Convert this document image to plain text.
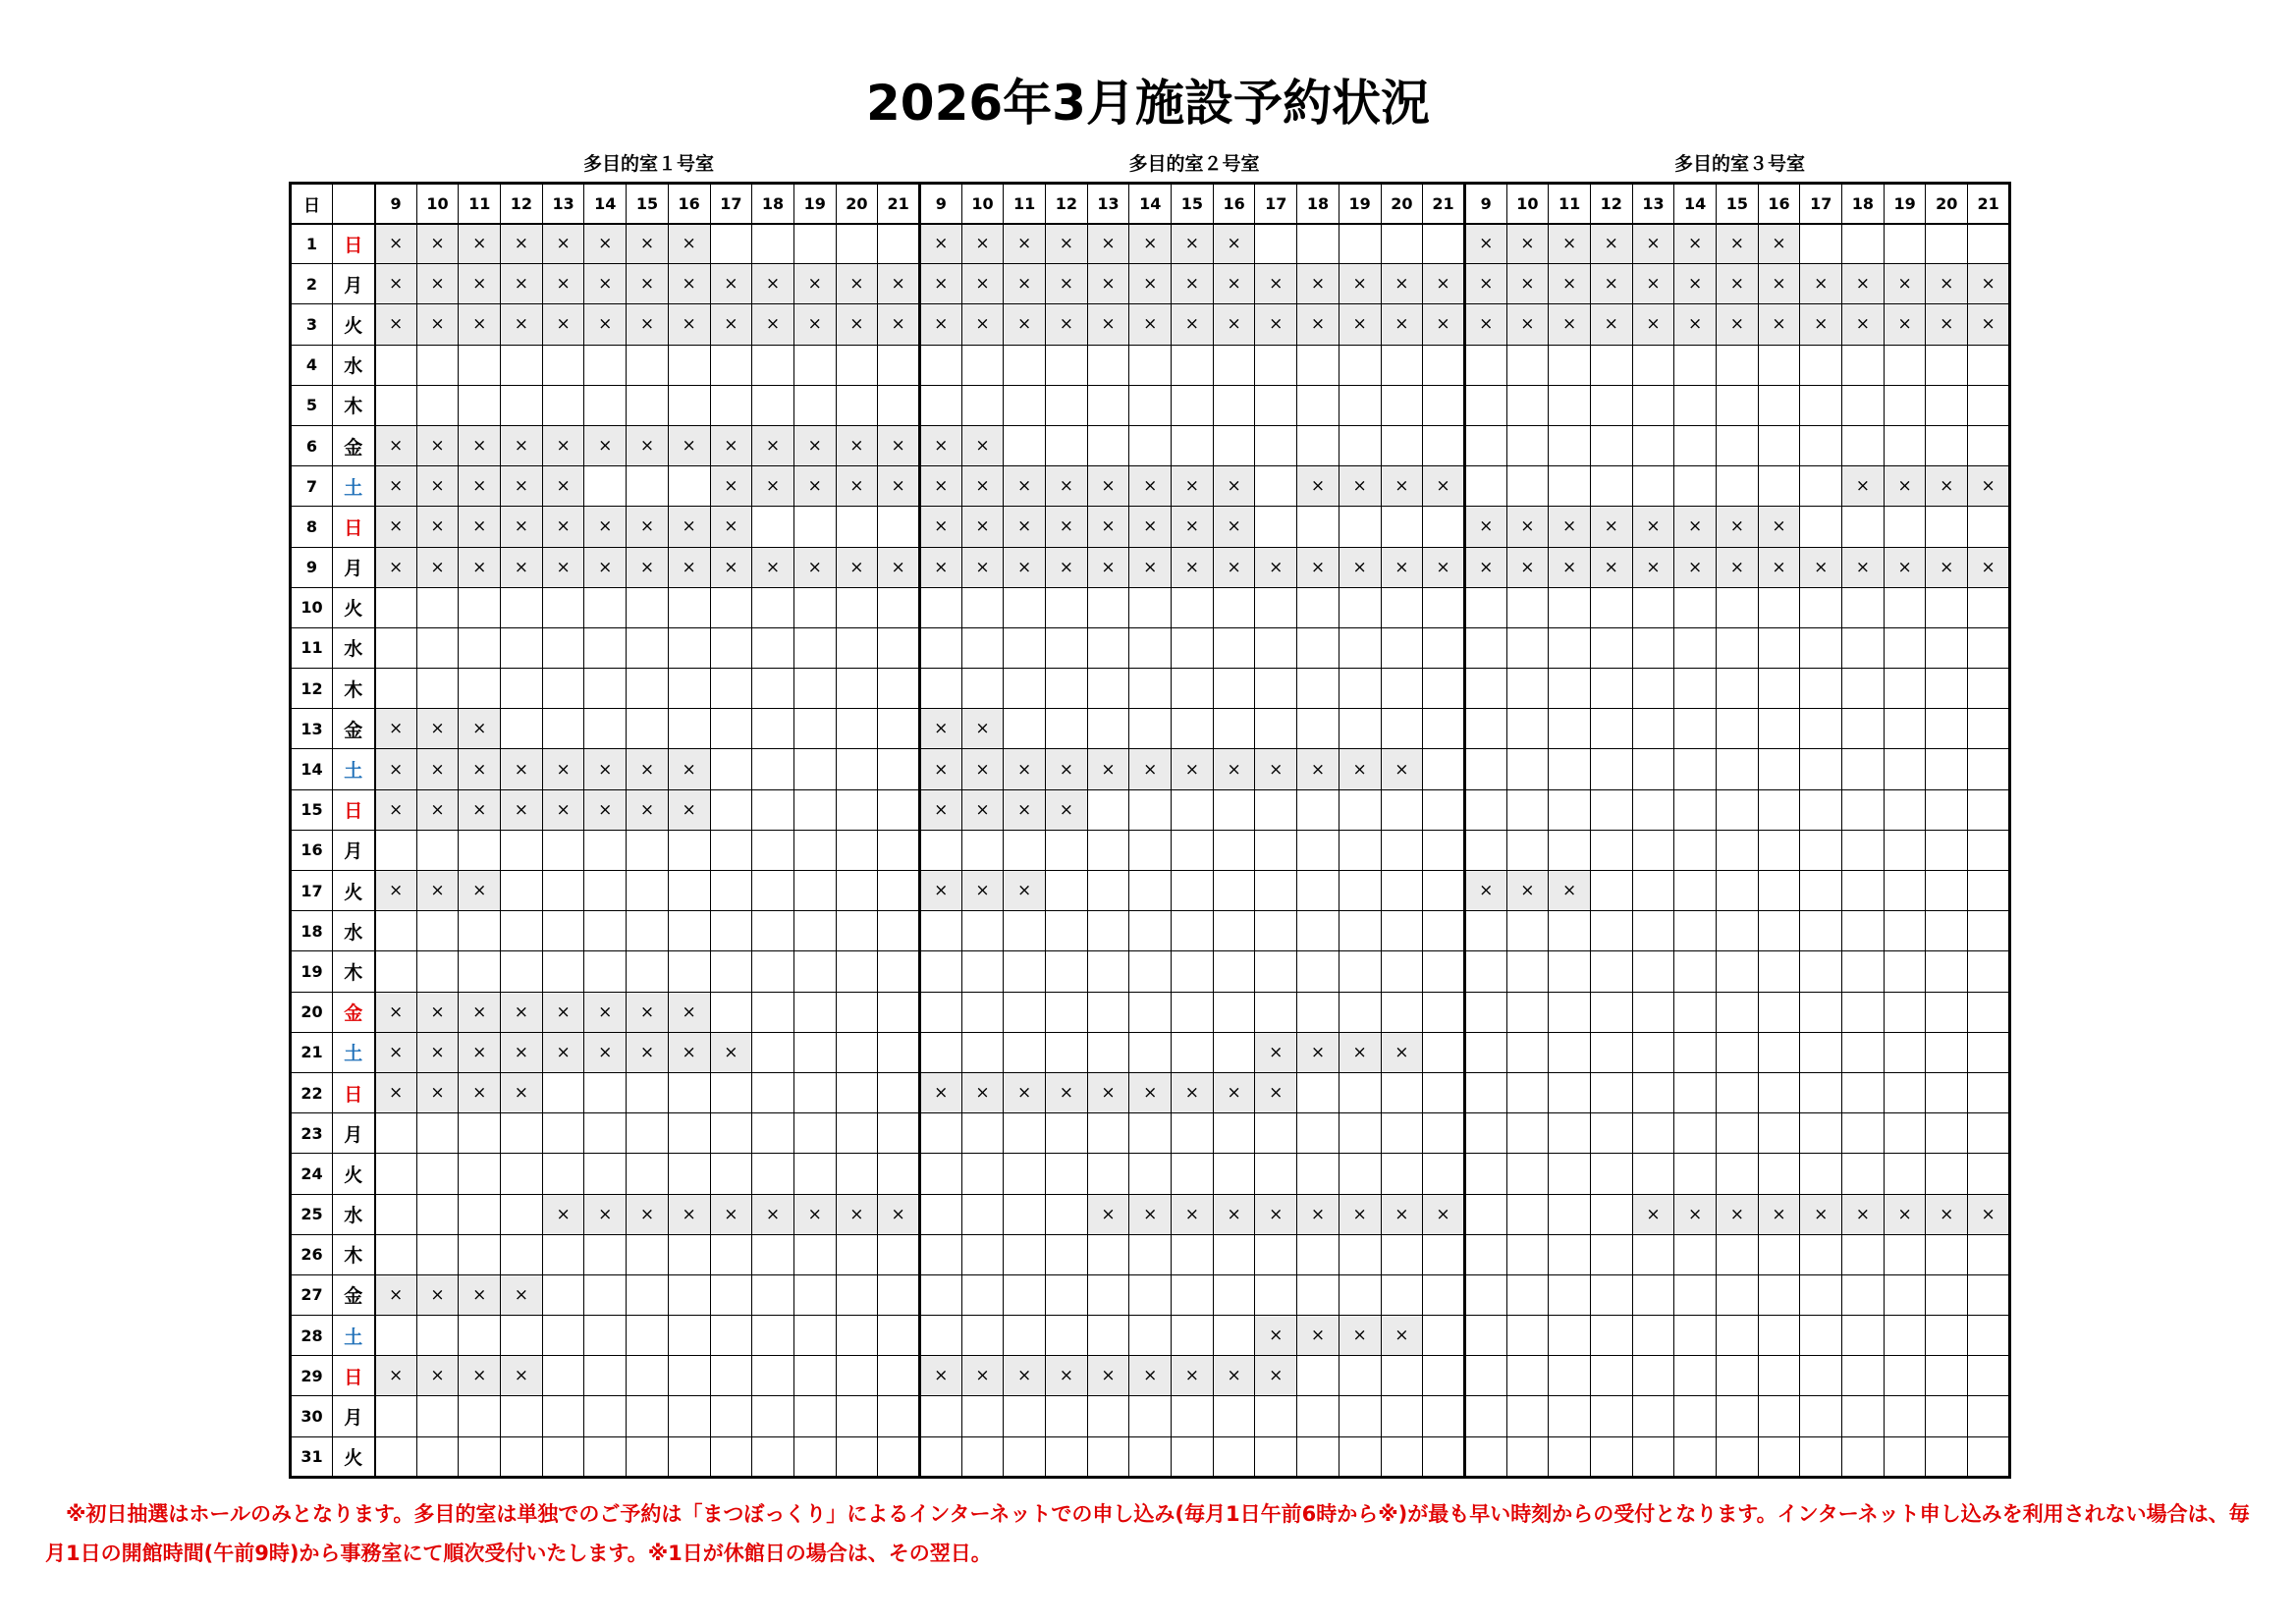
2026年3月施設予約状況
多目的室１号室	多目的室２号室	多目的室３号室
日		9	10	11	12	13	14	15	16	17	18	19	20	21	9	10	11	12	13	14	15	16	17	18	19	20	21	9	10	11	12	13	14	15	16	17	18	19	20	21
1	日	×	×	×	×	×	×	×	×						×	×	×	×	×	×	×	×						×	×	×	×	×	×	×	×					
2	月	×	×	×	×	×	×	×	×	×	×	×	×	×	×	×	×	×	×	×	×	×	×	×	×	×	×	×	×	×	×	×	×	×	×	×	×	×	×	×
3	火	×	×	×	×	×	×	×	×	×	×	×	×	×	×	×	×	×	×	×	×	×	×	×	×	×	×	×	×	×	×	×	×	×	×	×	×	×	×	×
4	水																																							
5	木																																							
6	金	×	×	×	×	×	×	×	×	×	×	×	×	×	×	×																								
7	土	×	×	×	×	×				×	×	×	×	×	×	×	×	×	×	×	×	×		×	×	×	×										×	×	×	×
8	日	×	×	×	×	×	×	×	×	×					×	×	×	×	×	×	×	×						×	×	×	×	×	×	×	×					
9	月	×	×	×	×	×	×	×	×	×	×	×	×	×	×	×	×	×	×	×	×	×	×	×	×	×	×	×	×	×	×	×	×	×	×	×	×	×	×	×
10	火																																							
11	水																																							
12	木																																							
13	金	×	×	×											×	×																								
14	土	×	×	×	×	×	×	×	×						×	×	×	×	×	×	×	×	×	×	×	×														
15	日	×	×	×	×	×	×	×	×						×	×	×	×																						
16	月																																							
17	火	×	×	×											×	×	×											×	×	×										
18	水																																							
19	木																																							
20	金	×	×	×	×	×	×	×	×																															
21	土	×	×	×	×	×	×	×	×	×													×	×	×	×														
22	日	×	×	×	×										×	×	×	×	×	×	×	×	×																	
23	月																																							
24	火																																							
25	水					×	×	×	×	×	×	×	×	×					×	×	×	×	×	×	×	×	×					×	×	×	×	×	×	×	×	×
26	木																																							
27	金	×	×	×	×																																			
28	土																						×	×	×	×														
29	日	×	×	×	×										×	×	×	×	×	×	×	×	×																	
30	月																																							
31	火																																							
　※初日抽選はホールのみとなります。多目的室は単独でのご予約は「まつぼっくり」によるインターネットでの申し込み(毎月1日午前6時から※)が最も早い時刻からの受付となります。インターネット申し込みを利用されない場合は、毎月1日の開館時間(午前9時)から事務室にて順次受付いたします。※1日が休館日の場合は、その翌日。
